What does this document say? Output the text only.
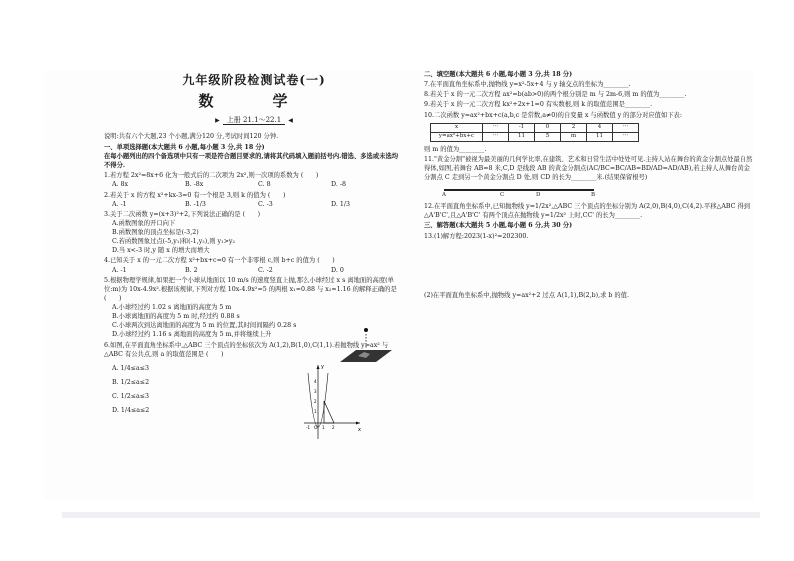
九年级阶段检测试卷(一)
数　学
▶ 上册 21.1～22.1 ◀
说明:共有六个大题,23 个小题,满分120 分,考试时间120 分钟.
一、单项选择题(本大题共 6 小题,每小题 3 分,共 18 分)
在每小题列出的四个备选项中只有一项是符合题目要求的,请将其代码填入题前括号内.错选、多选或未选均不得分.
1.若方程 2x²=8x+6 化为一般式后的二次项为 2x²,则一次项的系数为 (　　)
A. 8x	B. -8x	C. 8	D. -8
2.若关于 x 的方程 x²+kx-3=0 有一个根是 3,则 k 的值为 (　　)
A. -1	B. -1/3	C. -3	D. 1/3
3.关于二次函数 y=(x+3)²+2,下列说法正确的是 (　　)
A.函数图象的开口向下
B.函数图象的顶点坐标是(-3,2)
C.若函数图象过点(-5,y₁)和(-1,y₂),则 y₁>y₂
D.当 x<-3 时,y 随 x 的增大而增大
4.已知关于 x 的一元二次方程 x²+bx+c=0 有一个非零根 c,则 b+c 的值为 (　　)
A. -1	B. 2	C. -2	D. 0
5.根据物理学规律,如果把一个小球从地面以 10 m/s 的速度竖直上抛,那么小球经过 x s 离地面的高度(单位:m)为 10x-4.9x².根据该规律,下列对方程 10x-4.9x²=5 的两根 x₁≈0.88 与 x₂≈1.16 的解释正确的是 (　　)
A.小球经过约 1.02 s 离地面的高度为 5 m
B.小球离地面的高度为 5 m 时,经过约 0.88 s
C.小球两次到达离地面的高度为 5 m 的位置,其时间间隔约 0.28 s
D.小球经过约 1.16 s 离地面的高度为 5 m,并将继续上升
6.如图,在平面直角坐标系中,△ABC 三个顶点的坐标依次为 A(1,2),B(1,0),C(1,1).若抛物线 y=ax² 与△ABC 有公共点,则 a 的取值范围是 (　　)
A. 1/4≤a≤3
B. 1/2≤a≤2
C. 1/2≤a≤3
D. 1/4≤a≤2
x
y
O 1 2
-1
1
2
3
4
二、填空题(本大题共 6 小题,每小题 3 分,共 18 分)
7.在平面直角坐标系中,抛物线 y=x²-5x+4 与 y 轴交点的坐标为________.
8.若关于 x 的一元二次方程 ax²=b(ab>0)的两个根分别是 m 与 2m-6,则 m 的值为________.
9.若关于 x 的一元二次方程 kx²+2x+1=0 有实数根,则 k 的取值范围是________.
10.二次函数 y=ax²+bx+c(a,b,c 是常数,a≠0)的自变量 x 与函数值 y 的部分对应值如下表:
x	···	-1	0	2	4	···
y=ax²+bx+c	···	11	5	m	11	···
则 m 的值为________.
11."黄金分割"被视为最美丽的几何学比率,在建筑、艺术和日常生活中处处可见.主持人站在舞台的黄金分割点处最自然得体,如图,若舞台 AB=8 米,C,D 是线段 AB 的黄金分割点(AC/BC=BC/AB=BD/AD=AD/AB),若主持人从舞台黄金分割点 C 走到另一个黄金分割点 D 处,则 CD 的长为________米.(结果保留根号)
A	C	D	B
12.在平面直角坐标系中,已知抛物线 y=1/2x²,△ABC 三个顶点的坐标分别为 A(2,0),B(4,0),C(4,2).平移△ABC 得到△A'B'C',且△A'B'C' 有两个顶点在抛物线 y=1/2x² 上时,CC' 的长为________.
三、解答题(本大题共 5 小题,每小题 6 分,共 30 分)
13.(1)解方程:2023(1-x)²=202300.
(2)在平面直角坐标系中,抛物线 y=ax²+2 过点 A(1,1),B(2,b),求 b 的值.
